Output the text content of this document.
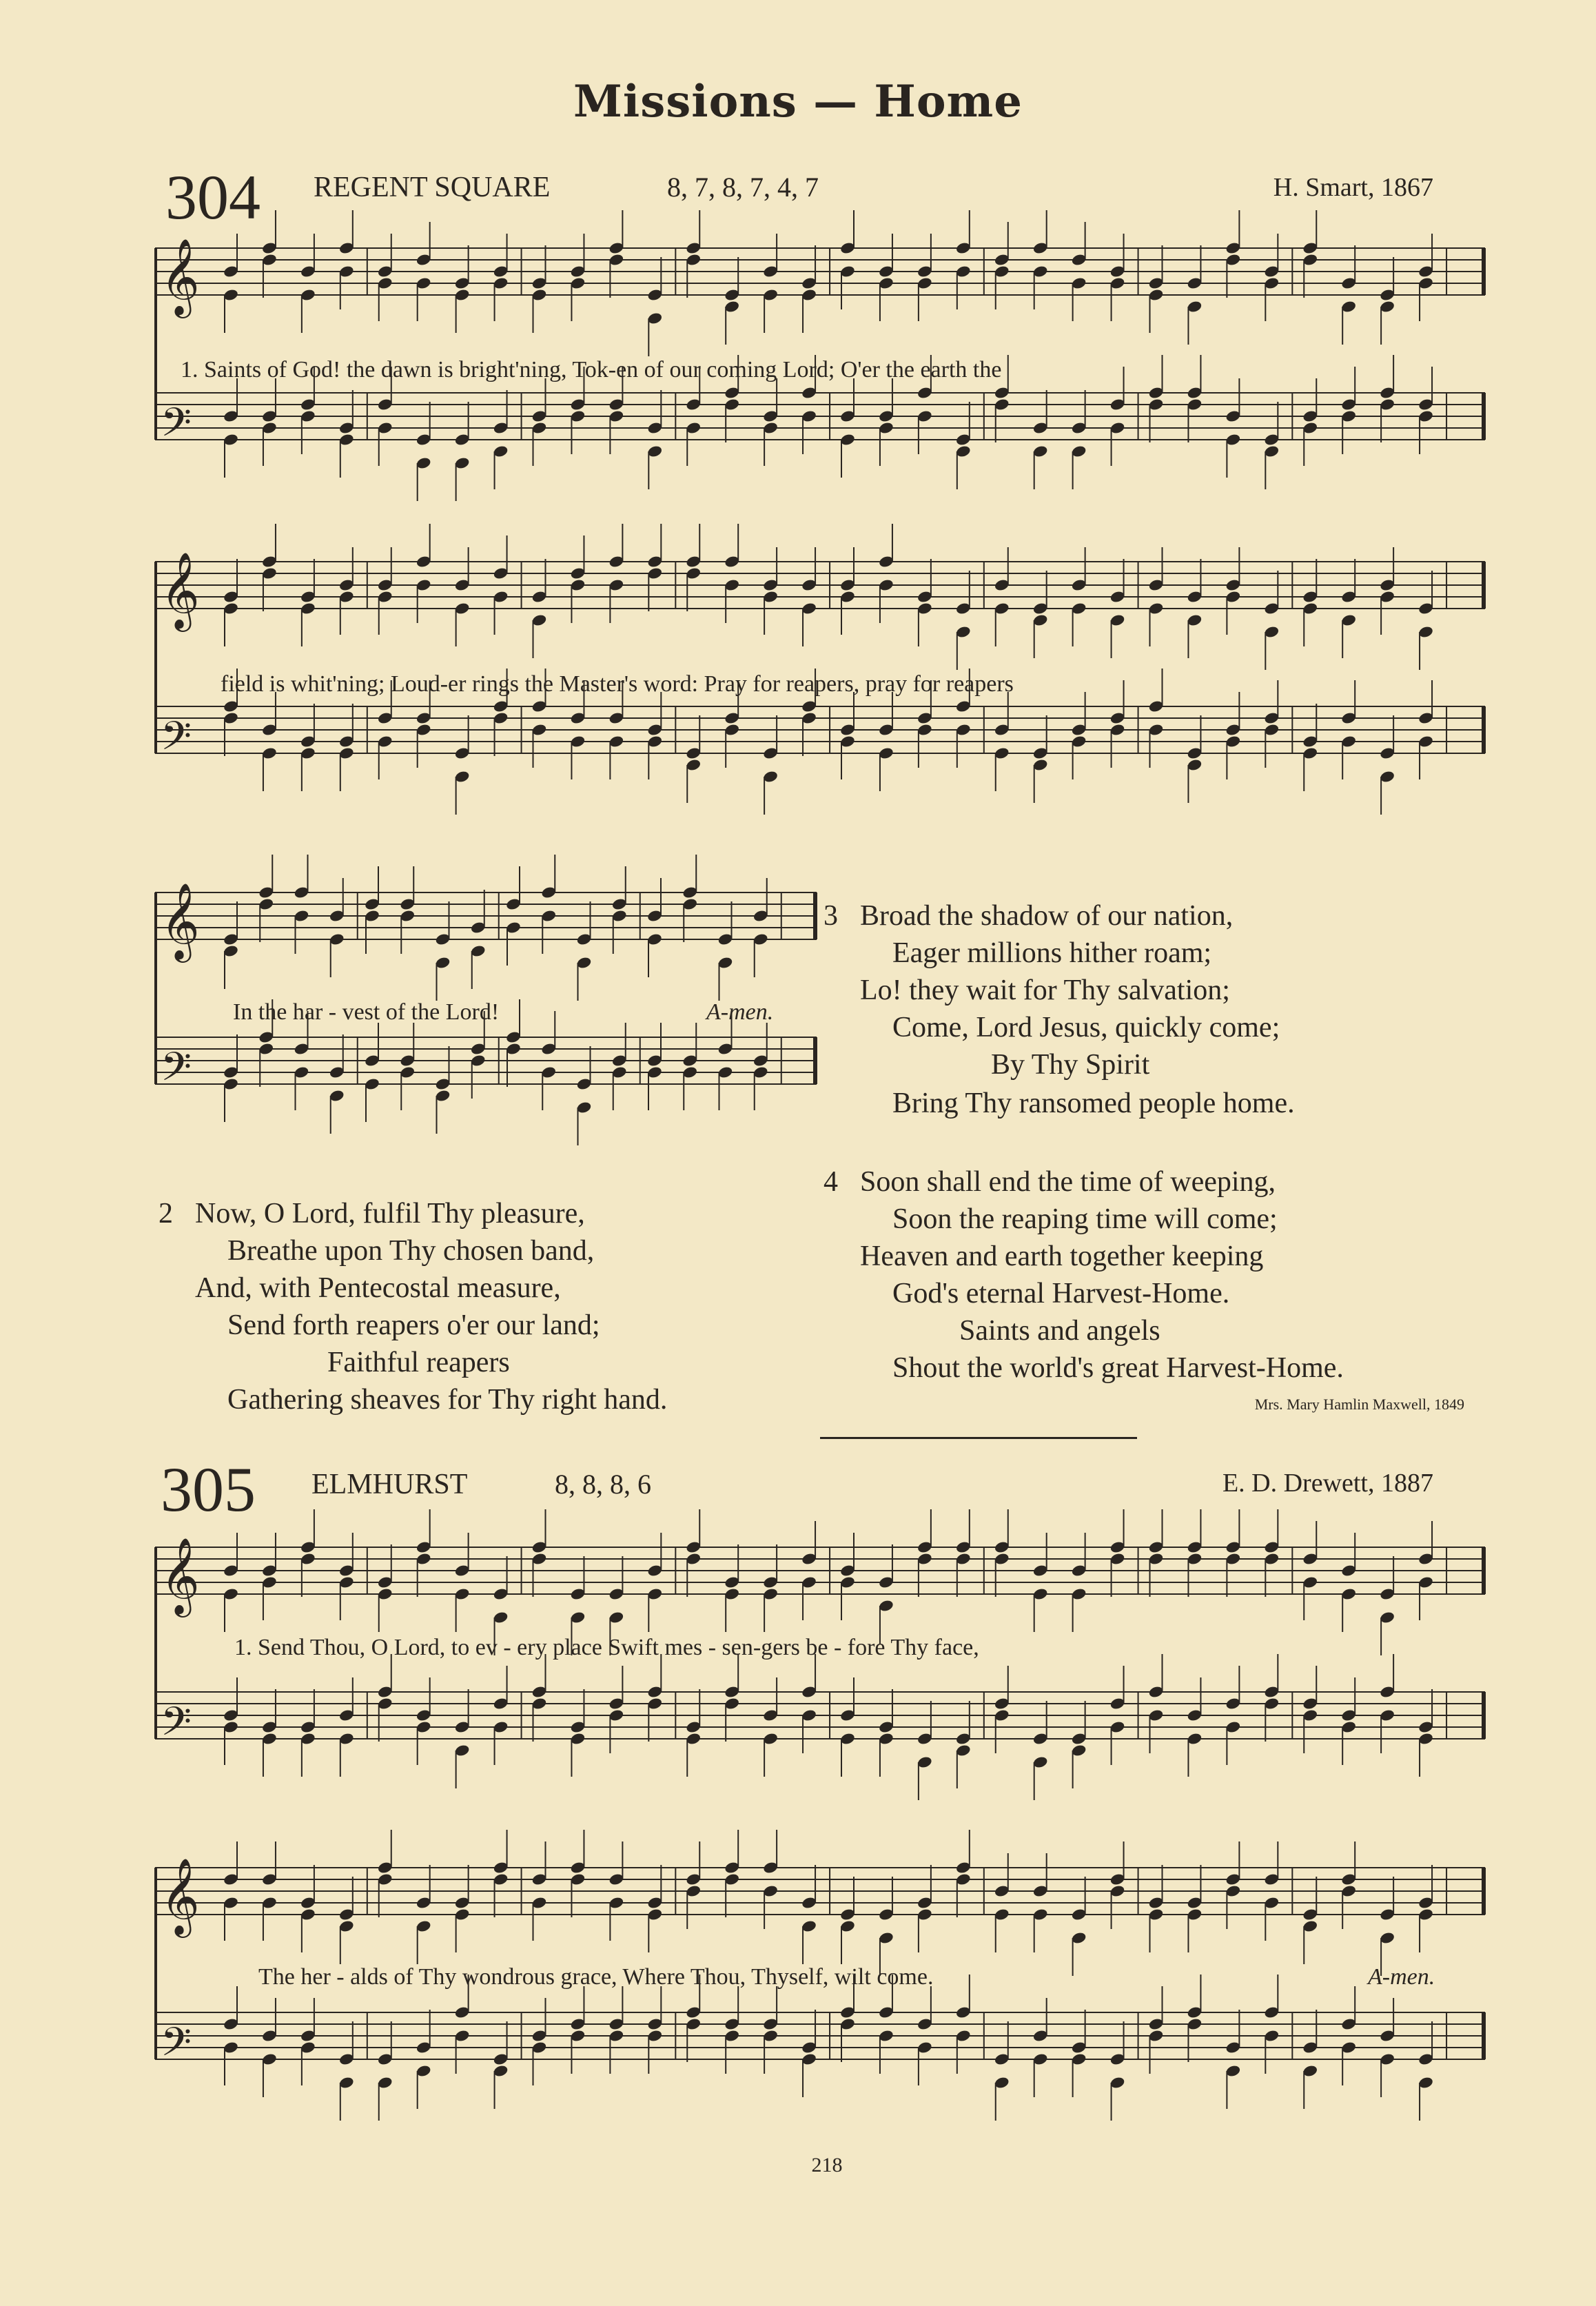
Missions — Home
304 REGENT SQUARE	8, 7, 8, 7, 4, 7	H. Smart, 1867
𝄞
𝄢
1. Saints of God! the dawn is bright'ning, Tok-en of our coming Lord; O'er the earth the
𝄞
𝄢
field is whit'ning; Loud-er rings the Master's word: Pray for reapers, pray for reapers
𝄞
𝄢
In the har - vest of the Lord!	A-men.
3 Broad the shadow of our nation,
Eager millions hither roam;
Lo! they wait for Thy salvation;
Come, Lord Jesus, quickly come;
By Thy Spirit
Bring Thy ransomed people home.
2 Now, O Lord, fulfil Thy pleasure,
Breathe upon Thy chosen band,
And, with Pentecostal measure,
Send forth reapers o'er our land;
Faithful reapers
Gathering sheaves for Thy right hand.
4 Soon shall end the time of weeping,
Soon the reaping time will come;
Heaven and earth together keeping
God's eternal Harvest-Home.
Saints and angels
Shout the world's great Harvest-Home.
Mrs. Mary Hamlin Maxwell, 1849
305 ELMHURST	8, 8, 8, 6	E. D. Drewett, 1887
𝄞
𝄢
1. Send Thou, O Lord, to ev - ery place Swift mes - sen-gers be - fore Thy face,
𝄞
𝄢
The her - alds of Thy wondrous grace, Where Thou, Thyself, wilt come.	A-men.
218
